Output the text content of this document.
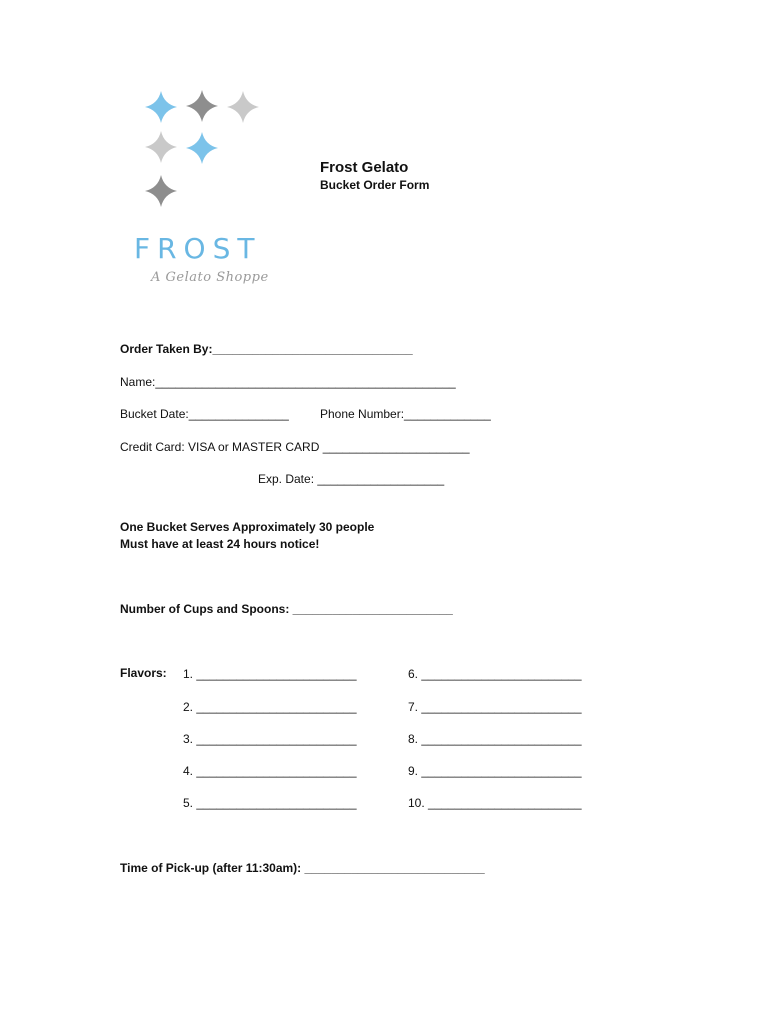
FROST
A Gelato Shoppe
Frost Gelato
Bucket Order Form
Order Taken By:______________________________
Name:_____________________________________________
Bucket Date:_______________	Phone Number:_____________
Credit Card: VISA or MASTER CARD ______________________
Exp. Date: ___________________
One Bucket Serves Approximately 30 people
Must have at least 24 hours notice!
Number of Cups and Spoons: ________________________
Flavors: 1. ________________________
2. ________________________
3. ________________________
4. ________________________
5. ________________________
6. ________________________
7. ________________________
8. ________________________
9. ________________________
10. _______________________
Time of Pick-up (after 11:30am): ___________________________
